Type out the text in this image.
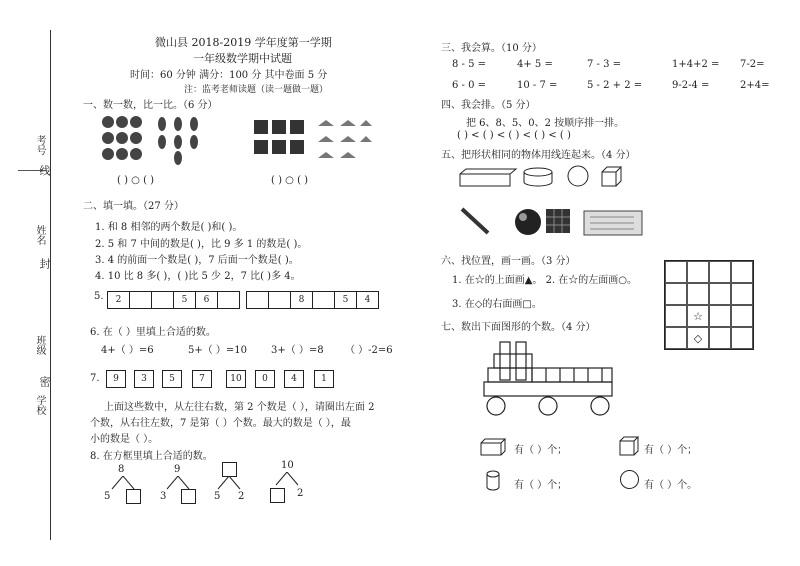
考号
线
姓名
封
班级
密
学校
微山县 2018-2019 学年度第一学期
一年级数学期中试题
时间：60 分钟 满分：100 分 其中卷面 5 分
注：监考老师读题（读一题做一题）
一、数一数，比一比。（6 分）
( ) ○ ( )	( ) ○ ( )
二、填一填。（27 分）
1. 和 8 相邻的两个数是( )和( )。
2. 5 和 7 中间的数是( )，比 9 多 1 的数是( )。
3. 4 的前面一个数是( )，7 后面一个数是( )。
4. 10 比 8 多( )，( )比 5 少 2，7 比( )多 4。
5.	2	5	6	8	5	4
6. 在（ ）里填上合适的数。
4+（ ）=6	5+（ ）=10 3+（ ）=8 （ ）-2=6
7.	9	3	5	7	10	0	4	1
上面这些数中，从左往右数，第 2 个数是（ ），请圈出左面 2
个数，从右往左数，7 是第（ ）个数。最大的数是（ ），最
小的数是（ ）。
8. 在方框里填上合适的数。
8
5
9
3	5 2
10
2
三、我会算。（10 分）
8 - 5 =	4+ 5 =	7 - 3 =	1+4+2 = 7-2=
6 - 0 =	10 - 7 =	5 - 2 + 2 =	9-2-4 =	2+4=
四、我会排。（5 分）
把 6、8、5、0、2 按顺序排一排。
( ) < ( ) < ( ) < ( ) < ( )
五、把形状相同的物体用线连起来。（4 分）
六、找位置，画一画。（3 分）
1. 在☆的上面画▲。 2. 在☆的左面画○。
3. 在◇的右面画□。
☆
◇
七、数出下面图形的个数。（4 分）
有（ ）个；	有（ ）个；
有（ ）个；	有（ ）个。
